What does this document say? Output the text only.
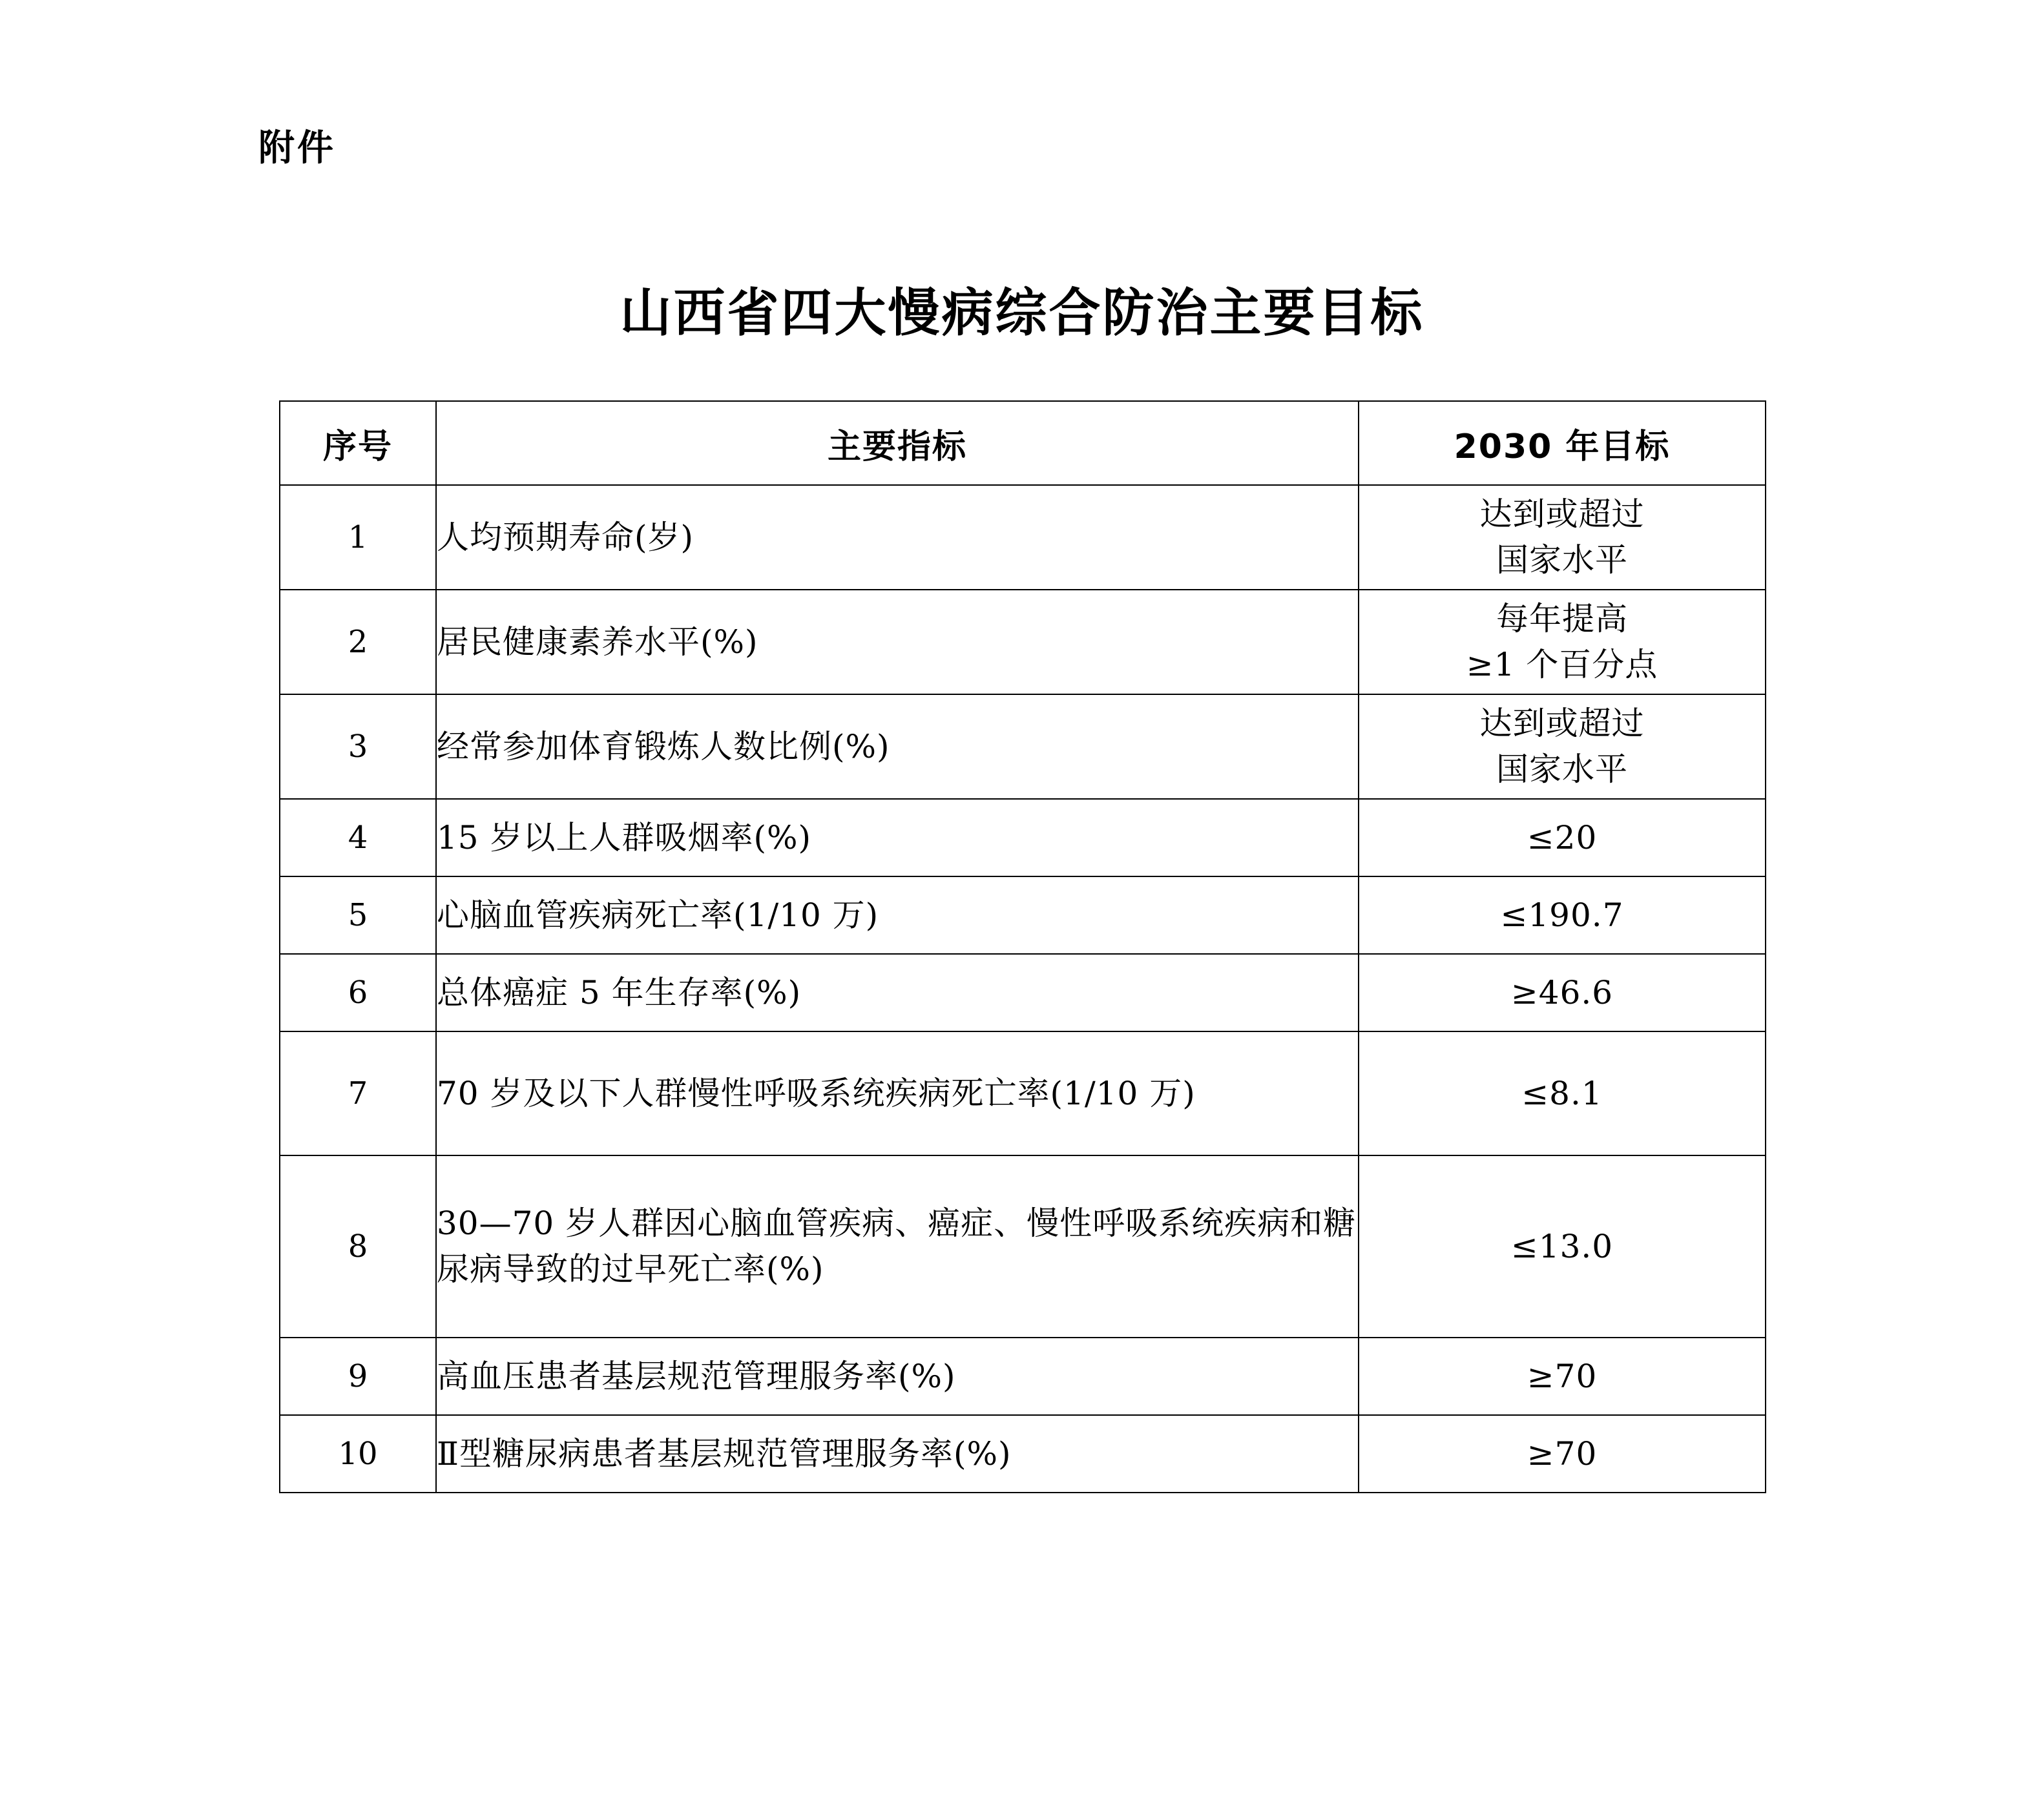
附件
山西省四大慢病综合防治主要目标
序号	主要指标	2030 年目标
1	人均预期寿命(岁)	达到或超过
国家水平

2	居民健康素养水平(%)	每年提高
≥1 个百分点

3	经常参加体育锻炼人数比例(%)	达到或超过
国家水平

4	15 岁以上人群吸烟率(%)	≤20

5	心脑血管疾病死亡率(1/10 万)	≤190.7

6	总体癌症 5 年生存率(%)	≥46.6

7	70 岁及以下人群慢性呼吸系统疾病死亡率(1/10 万)	≤8.1

8	30—70 岁人群因心脑血管疾病、癌症、慢性呼吸系统疾病和糖尿病导致的过早死亡率(%)	≤13.0

9	高血压患者基层规范管理服务率(%)	≥70

10	Ⅱ型糖尿病患者基层规范管理服务率(%)	≥70
